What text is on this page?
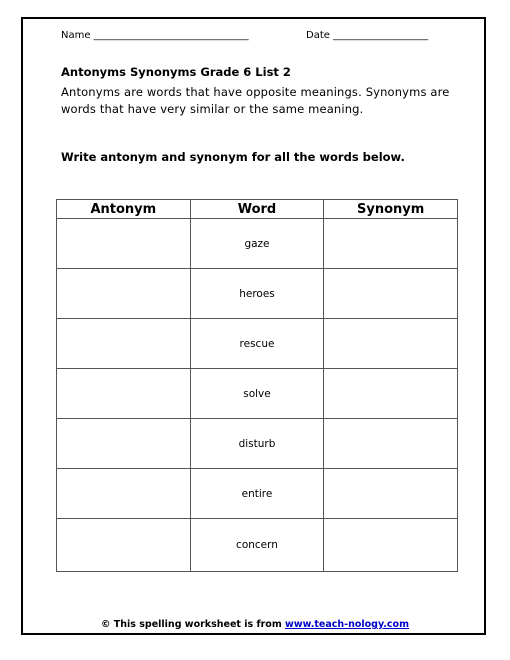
Name _______________________________	Date ___________________
Antonyms Synonyms Grade 6 List 2
Antonyms are words that have opposite meanings. Synonyms are words that have very similar or the same meaning.
Write antonym and synonym for all the words below.
Antonym	Word	Synonym
	gaze	
	heroes	
	rescue	
	solve	
	disturb	
	entire	
	concern	
© This spelling worksheet is from www.teach-nology.com
